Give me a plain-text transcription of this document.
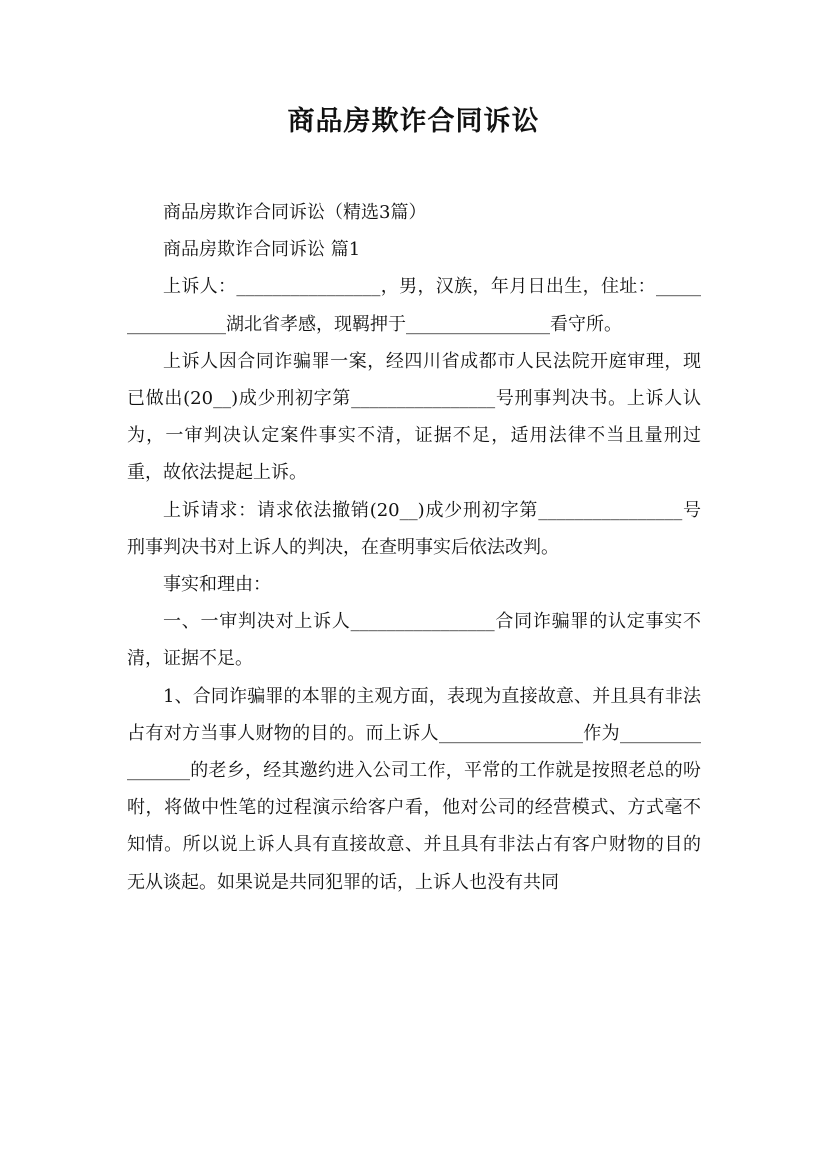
商品房欺诈合同诉讼

商品房欺诈合同诉讼（精选3篇）

商品房欺诈合同诉讼 篇1

上诉人：________________，男，汉族，年月日出生，住址：________________湖北省孝感，现羁押于________________看守所。

上诉人因合同诈骗罪一案，经四川省成都市人民法院开庭审理，现已做出(20__)成少刑初字第________________号刑事判决书。上诉人认为，一审判决认定案件事实不清，证据不足，适用法律不当且量刑过重，故依法提起上诉。

上诉请求：请求依法撤销(20__)成少刑初字第________________号刑事判决书对上诉人的判决，在查明事实后依法改判。

事实和理由：

一、一审判决对上诉人________________合同诈骗罪的认定事实不清，证据不足。

1、合同诈骗罪的本罪的主观方面，表现为直接故意、并且具有非法占有对方当事人财物的目的。而上诉人________________作为________________的老乡，经其邀约进入公司工作，平常的工作就是按照老总的吩咐，将做中性笔的过程演示给客户看，他对公司的经营模式、方式毫不知情。所以说上诉人具有直接故意、并且具有非法占有客户财物的目的无从谈起。如果说是共同犯罪的话，上诉人也没有共同
